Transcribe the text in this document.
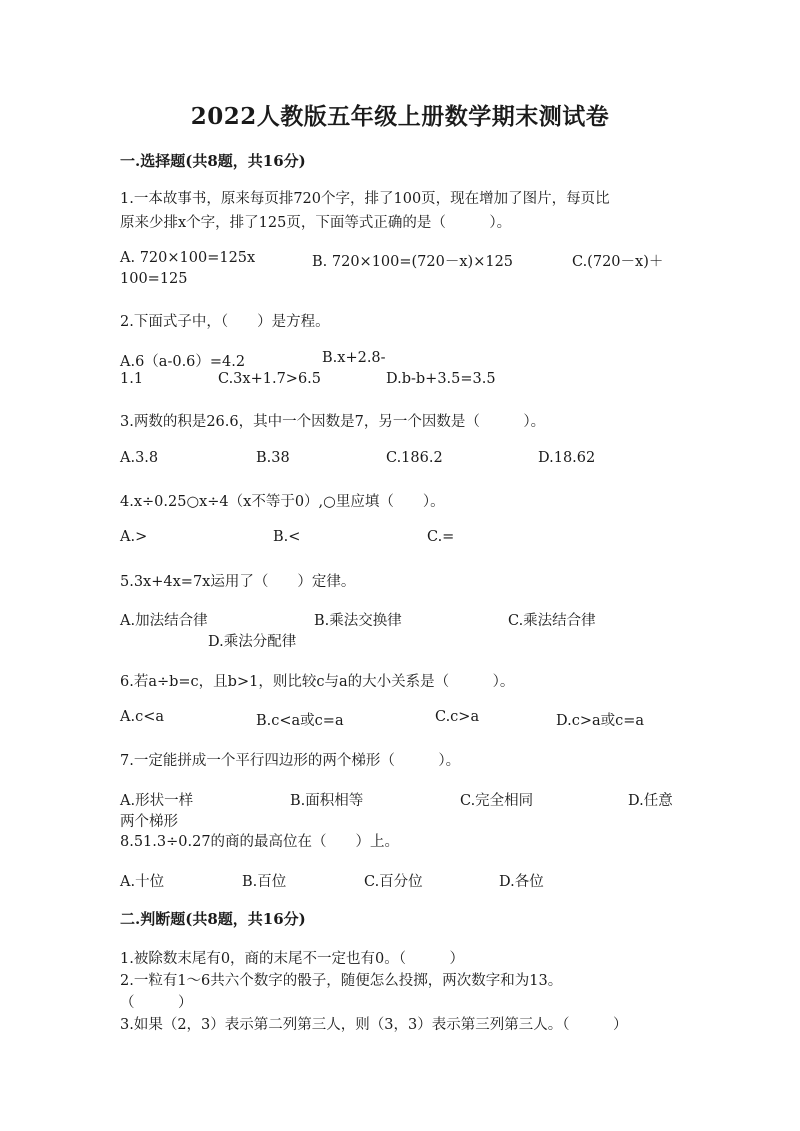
2022人教版五年级上册数学期末测试卷
一.选择题(共8题，共16分)
1.一本故事书，原来每页排720个字，排了100页，现在增加了图片，每页比
原来少排x个字，排了125页，下面等式正确的是（　　　）。
A. 720×100=125x	B. 720×100=(720－x)×125	C.(720－x)＋
100=125
2.下面式子中，（　　）是方程。
A.6（a-0.6）=4.2	B.x+2.8-
1.1	C.3x+1.7>6.5	D.b-b+3.5=3.5
3.两数的积是26.6，其中一个因数是7，另一个因数是（　　　）。
A.3.8	B.38	C.186.2	D.18.62
4.x÷0.25○x÷4（x不等于0）,○里应填（　　）。
A.>	B.<	C.=
5.3x+4x=7x运用了（　　）定律。
A.加法结合律	B.乘法交换律	C.乘法结合律
D.乘法分配律
6.若a÷b=c，且b>1，则比较c与a的大小关系是（　　　）。
A.c<a	B.c<a或c=a	C.c>a	D.c>a或c=a
7.一定能拼成一个平行四边形的两个梯形（　　　）。
A.形状一样	B.面积相等	C.完全相同	D.任意
两个梯形
8.51.3÷0.27的商的最高位在（　　）上。
A.十位	B.百位	C.百分位	D.各位
二.判断题(共8题，共16分)
1.被除数末尾有0，商的末尾不一定也有0。（　　　）
2.一粒有1～6共六个数字的骰子，随便怎么投掷，两次数字和为13。
（　　　）
3.如果（2，3）表示第二列第三人，则（3，3）表示第三列第三人。（　　　）
